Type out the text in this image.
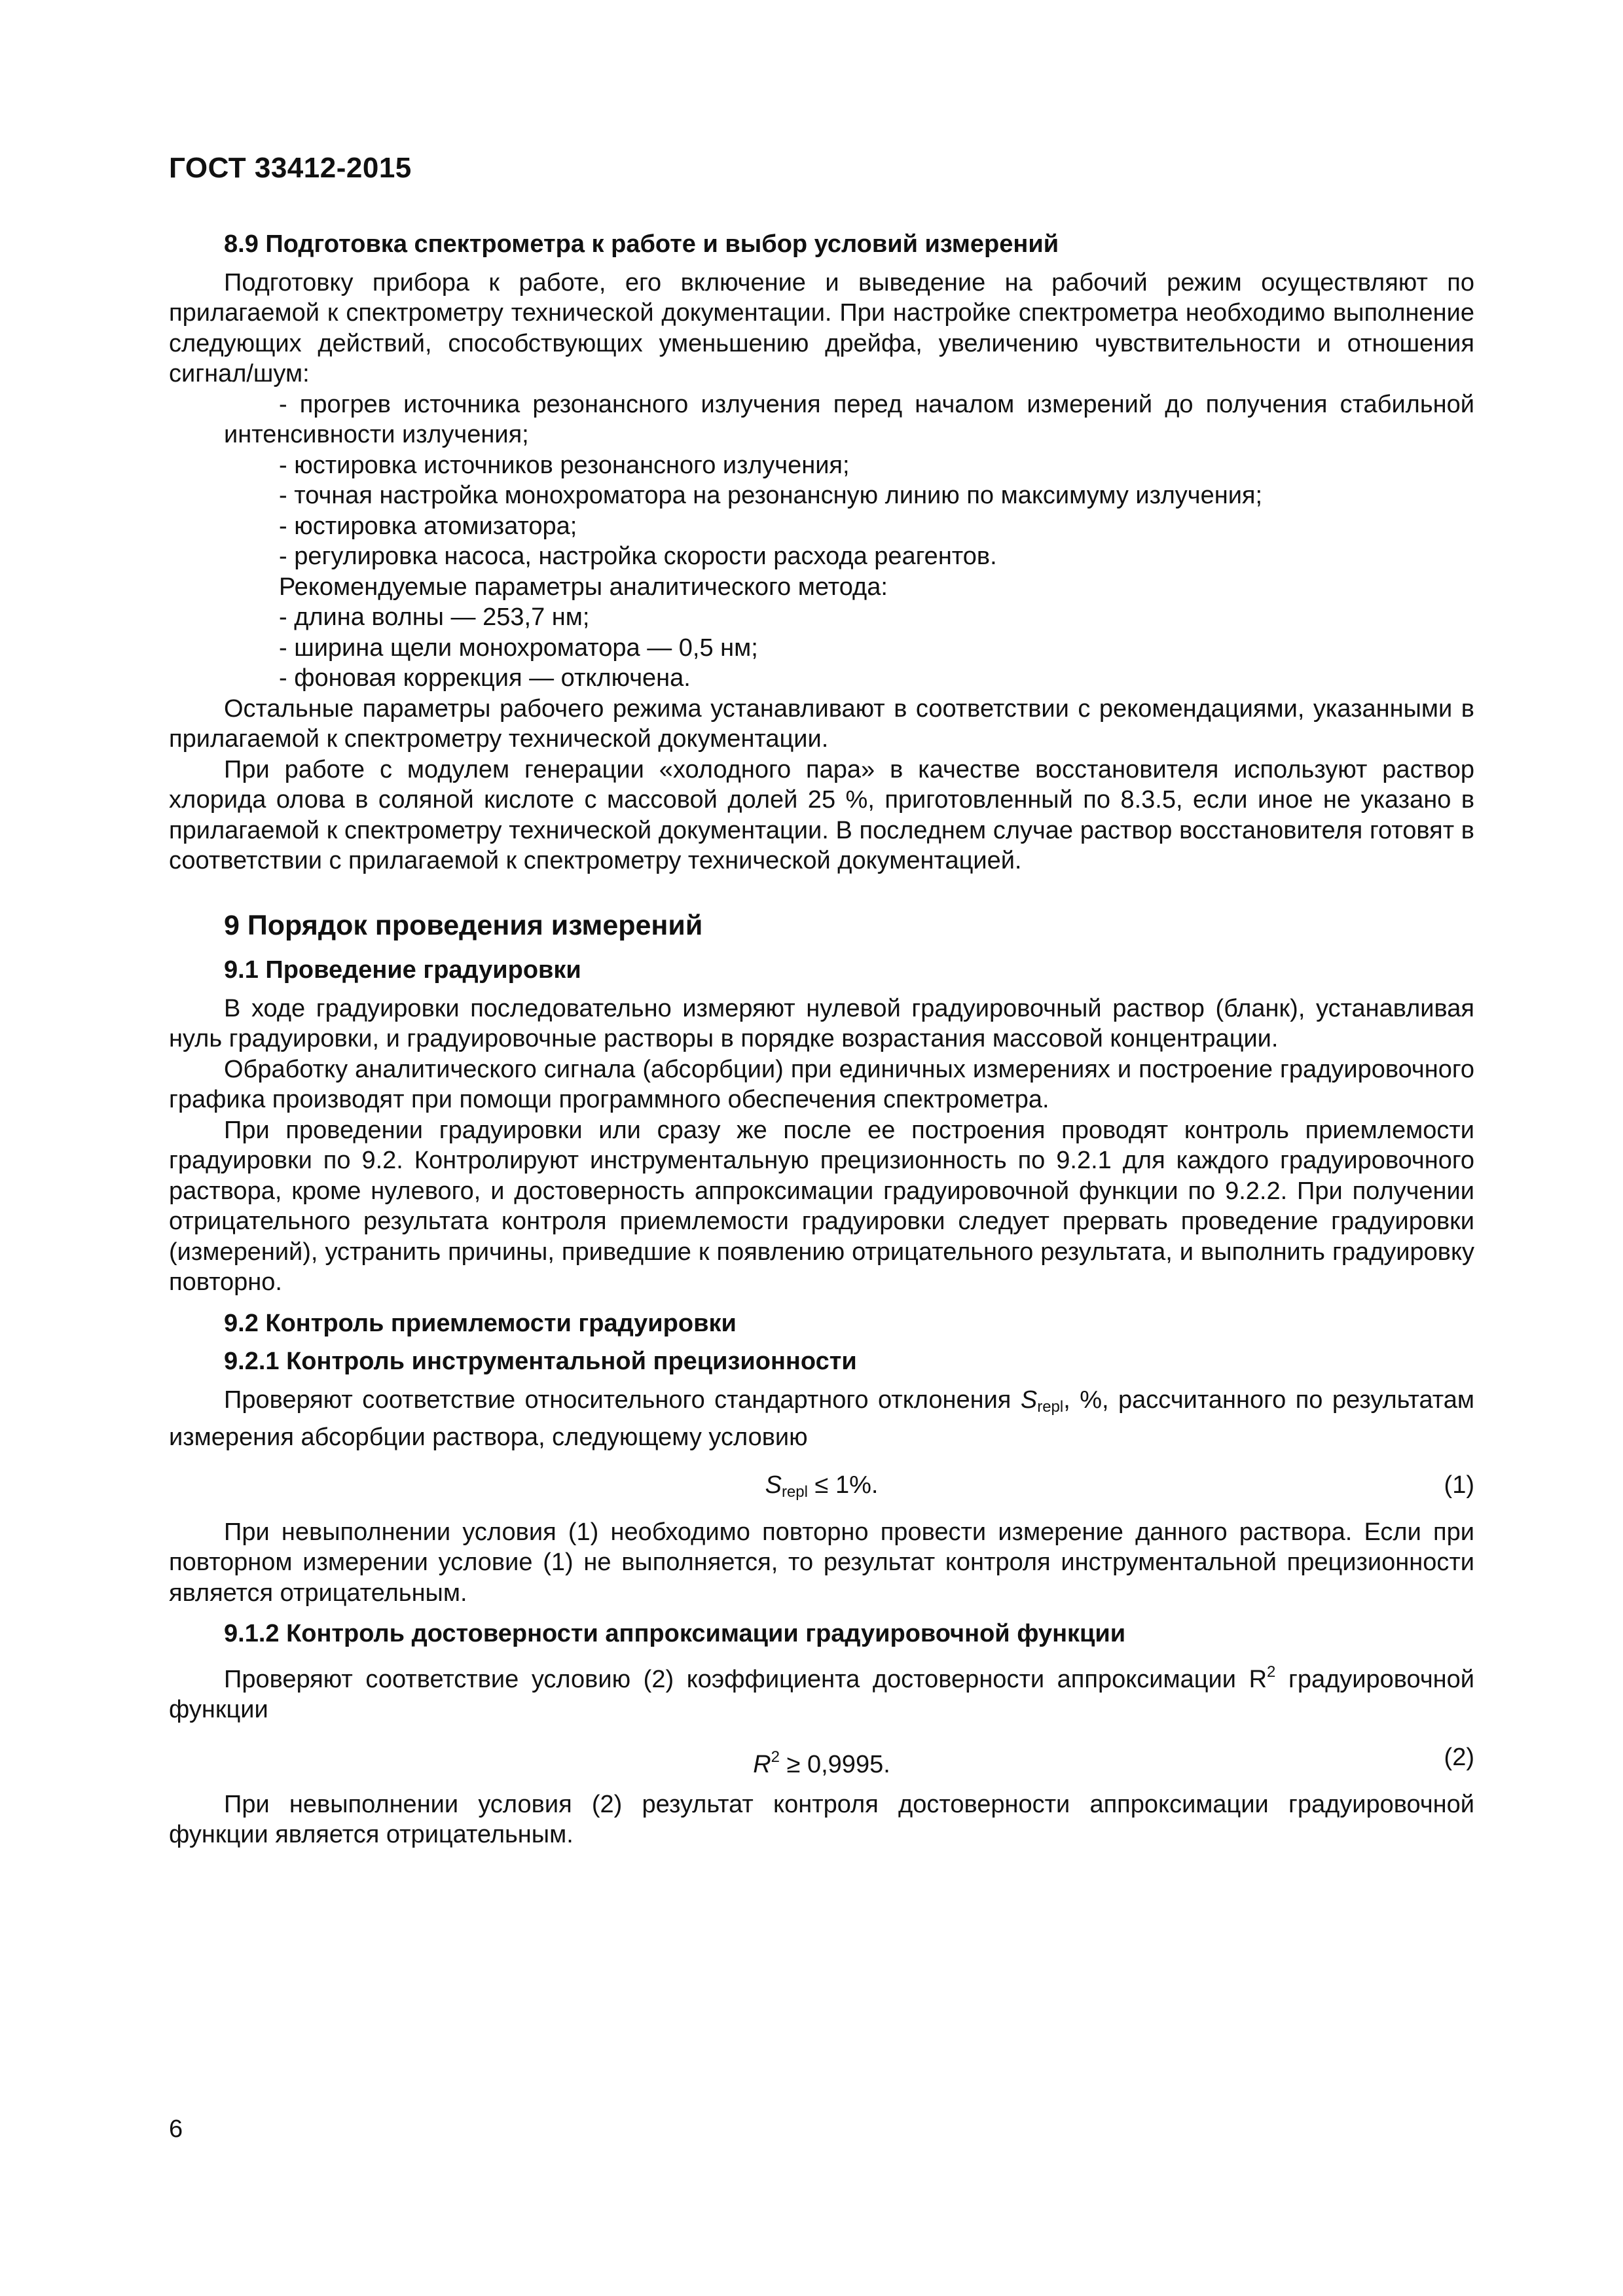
ГОСТ 33412-2015
8.9 Подготовка спектрометра к работе и выбор условий измерений

Подготовку прибора к работе, его включение и выведение на рабочий режим осуществляют по прилагаемой к спектрометру технической документации. При настройке спектрометра необходимо выполнение следующих действий, способствующих уменьшению дрейфа, увеличению чувствительности и отношения сигнал/шум:

- прогрев источника резонансного излучения перед началом измерений до получения стабильной интенсивности излучения;

- юстировка источников резонансного излучения;

- точная настройка монохроматора на резонансную линию по максимуму излучения;

- юстировка атомизатора;

- регулировка насоса, настройка скорости расхода реагентов.

Рекомендуемые параметры аналитического метода:

- длина волны — 253,7 нм;

- ширина щели монохроматора — 0,5 нм;

- фоновая коррекция — отключена.

Остальные параметры рабочего режима устанавливают в соответствии с рекомендациями, указанными в прилагаемой к спектрометру технической документации.

При работе с модулем генерации «холодного пара» в качестве восстановителя используют раствор хлорида олова в соляной кислоте с массовой долей 25 %, приготовленный по 8.3.5, если иное не указано в прилагаемой к спектрометру технической документации. В последнем случае раствор восстановителя готовят в соответствии с прилагаемой к спектрометру технической документацией.

9 Порядок проведения измерений
9.1 Проведение градуировки

В ходе градуировки последовательно измеряют нулевой градуировочный раствор (бланк), устанавливая нуль градуировки, и градуировочные растворы в порядке возрастания массовой концентрации.

Обработку аналитического сигнала (абсорбции) при единичных измерениях и построение градуировочного графика производят при помощи программного обеспечения спектрометра.

При проведении градуировки или сразу же после ее построения проводят контроль приемлемости градуировки по 9.2. Контролируют инструментальную прецизионность по 9.2.1 для каждого градуировочного раствора, кроме нулевого, и достоверность аппроксимации градуировочной функции по 9.2.2. При получении отрицательного результата контроля приемлемости градуировки следует прервать проведение градуировки (измерений), устранить причины, приведшие к появлению отрицательного результата, и выполнить градуировку повторно.

9.2 Контроль приемлемости градуировки
9.2.1 Контроль инструментальной прецизионности

Проверяют соответствие относительного стандартного отклонения $S_{repl}$, %, рассчитанного по результатам измерения абсорбции раствора, следующему условию

$S_{repl} \le 1\%$.	(1)

При невыполнении условия (1) необходимо повторно провести измерение данного раствора. Если при повторном измерении условие (1) не выполняется, то результат контроля инструментальной прецизионности является отрицательным.

9.1.2 Контроль достоверности аппроксимации градуировочной функции

Проверяют соответствие условию (2) коэффициента достоверности аппроксимации $R^2$ градуировочной функции

$R^2 \ge 0,9995$.	(2)

При невыполнении условия (2) результат контроля достоверности аппроксимации градуировочной функции является отрицательным.

6
